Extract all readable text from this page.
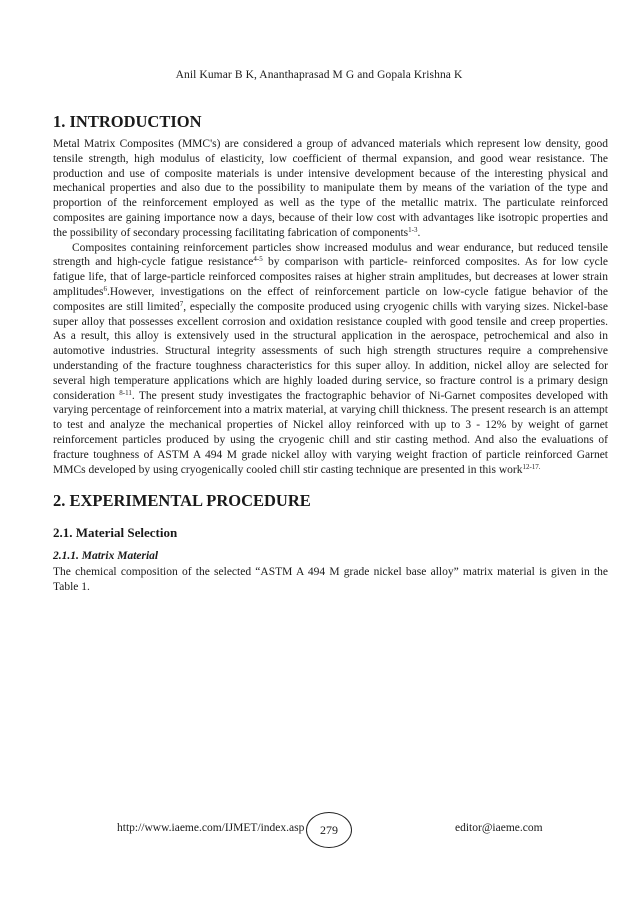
Anil Kumar B K, Ananthaprasad M G and Gopala Krishna K
1. INTRODUCTION

Metal Matrix Composites (MMC's) are considered a group of advanced materials which represent low density, good tensile strength, high modulus of elasticity, low coefficient of thermal expansion, and good wear resistance. The production and use of composite materials is under intensive development because of the interesting physical and mechanical properties and also due to the possibility to manipulate them by means of the variation of the type and proportion of the reinforcement employed as well as the type of the metallic matrix. The particulate reinforced composites are gaining importance now a days, because of their low cost with advantages like isotropic properties and the possibility of secondary processing facilitating fabrication of components$^{1-3}$.

Composites containing reinforcement particles show increased modulus and wear endurance, but reduced tensile strength and high-cycle fatigue resistance$^{4-5}$ by comparison with particle- reinforced composites. As for low cycle fatigue life, that of large-particle reinforced composites raises at higher strain amplitudes, but decreases at lower strain amplitudes$^6$.However, investigations on the effect of reinforcement particle on low-cycle fatigue behavior of the composites are still limited$^7$, especially the composite produced using cryogenic chills with varying sizes. Nickel-base super alloy that possesses excellent corrosion and oxidation resistance coupled with good tensile and creep properties. As a result, this alloy is extensively used in the structural application in the aerospace, petrochemical and also in automotive industries. Structural integrity assessments of such high strength structures require a comprehensive understanding of the fracture toughness characteristics for this super alloy. In addition, nickel alloy are selected for several high temperature applications which are highly loaded during service, so fracture control is a primary design consideration $^{8-11}$. The present study investigates the fractographic behavior of Ni-Garnet composites developed with varying percentage of reinforcement into a matrix material, at varying chill thickness. The present research is an attempt to test and analyze the mechanical properties of Nickel alloy reinforced with up to 3 - 12% by weight of garnet reinforcement particles produced by using the cryogenic chill and stir casting method. And also the evaluations of fracture toughness of ASTM A 494 M grade nickel alloy with varying weight fraction of particle reinforced Garnet MMCs developed by using cryogenically cooled chill stir casting technique are presented in this work$^{12-17.}$

2. EXPERIMENTAL PROCEDURE
2.1. Material Selection
2.1.1. Matrix Material

The chemical composition of the selected “ASTM A 494 M grade nickel base alloy” matrix material is given in the Table 1.

http://www.iaeme.com/IJMET/index.asp	279	editor@iaeme.com
